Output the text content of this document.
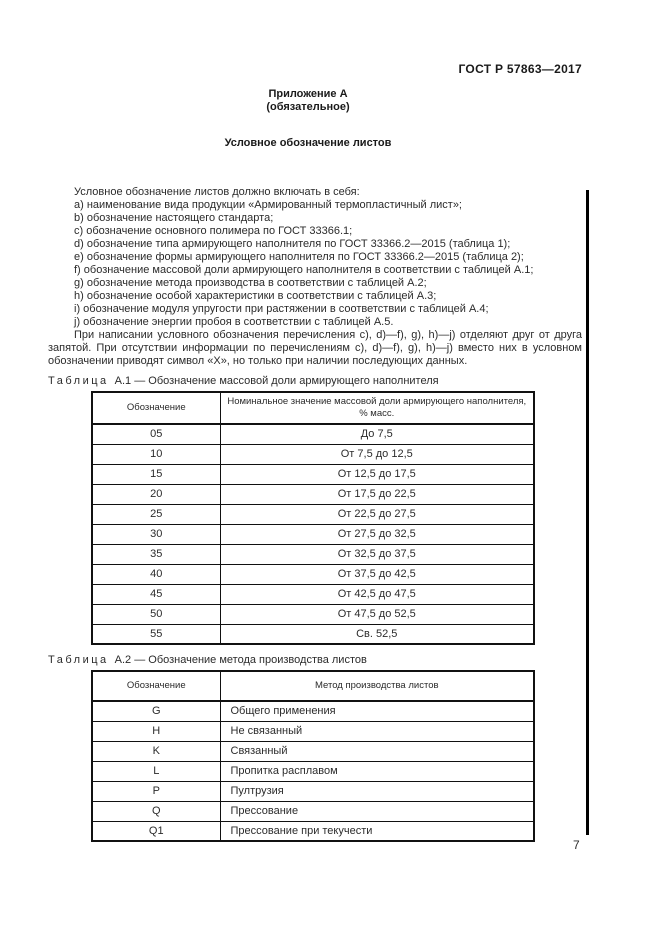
ГОСТ Р 57863—2017
Приложение А
(обязательное)
Условное обозначение листов
Условное обозначение листов должно включать в себя:
a) наименование вида продукции «Армированный термопластичный лист»;
b) обозначение настоящего стандарта;
c) обозначение основного полимера по ГОСТ 33366.1;
d) обозначение типа армирующего наполнителя по ГОСТ 33366.2—2015 (таблица 1);
e) обозначение формы армирующего наполнителя по ГОСТ 33366.2—2015 (таблица 2);
f) обозначение массовой доли армирующего наполнителя в соответствии с таблицей А.1;
g) обозначение метода производства в соответствии с таблицей А.2;
h) обозначение особой характеристики в соответствии с таблицей А.3;
i) обозначение модуля упругости при растяжении в соответствии с таблицей А.4;
j) обозначение энергии пробоя в соответствии с таблицей А.5.
При написании условного обозначения перечисления c), d)—f), g), h)—j) отделяют друг от друга запятой. При отсутствии информации по перечислениям c), d)—f), g), h)—j) вместо них в условном обозначении приводят символ «Х», но только при наличии последующих данных.
Таблица А.1 — Обозначение массовой доли армирующего наполнителя
Обозначение	Номинальное значение массовой доли армирующего наполнителя, % масс.
05	До 7,5
10	От 7,5 до 12,5
15	От 12,5 до 17,5
20	От 17,5 до 22,5
25	От 22,5 до 27,5
30	От 27,5 до 32,5
35	От 32,5 до 37,5
40	От 37,5 до 42,5
45	От 42,5 до 47,5
50	От 47,5 до 52,5
55	Св. 52,5
Таблица А.2 — Обозначение метода производства листов
Обозначение	Метод производства листов
G	Общего применения
H	Не связанный
K	Связанный
L	Пропитка расплавом
P	Пултрузия
Q	Прессование
Q1	Прессование при текучести
7
